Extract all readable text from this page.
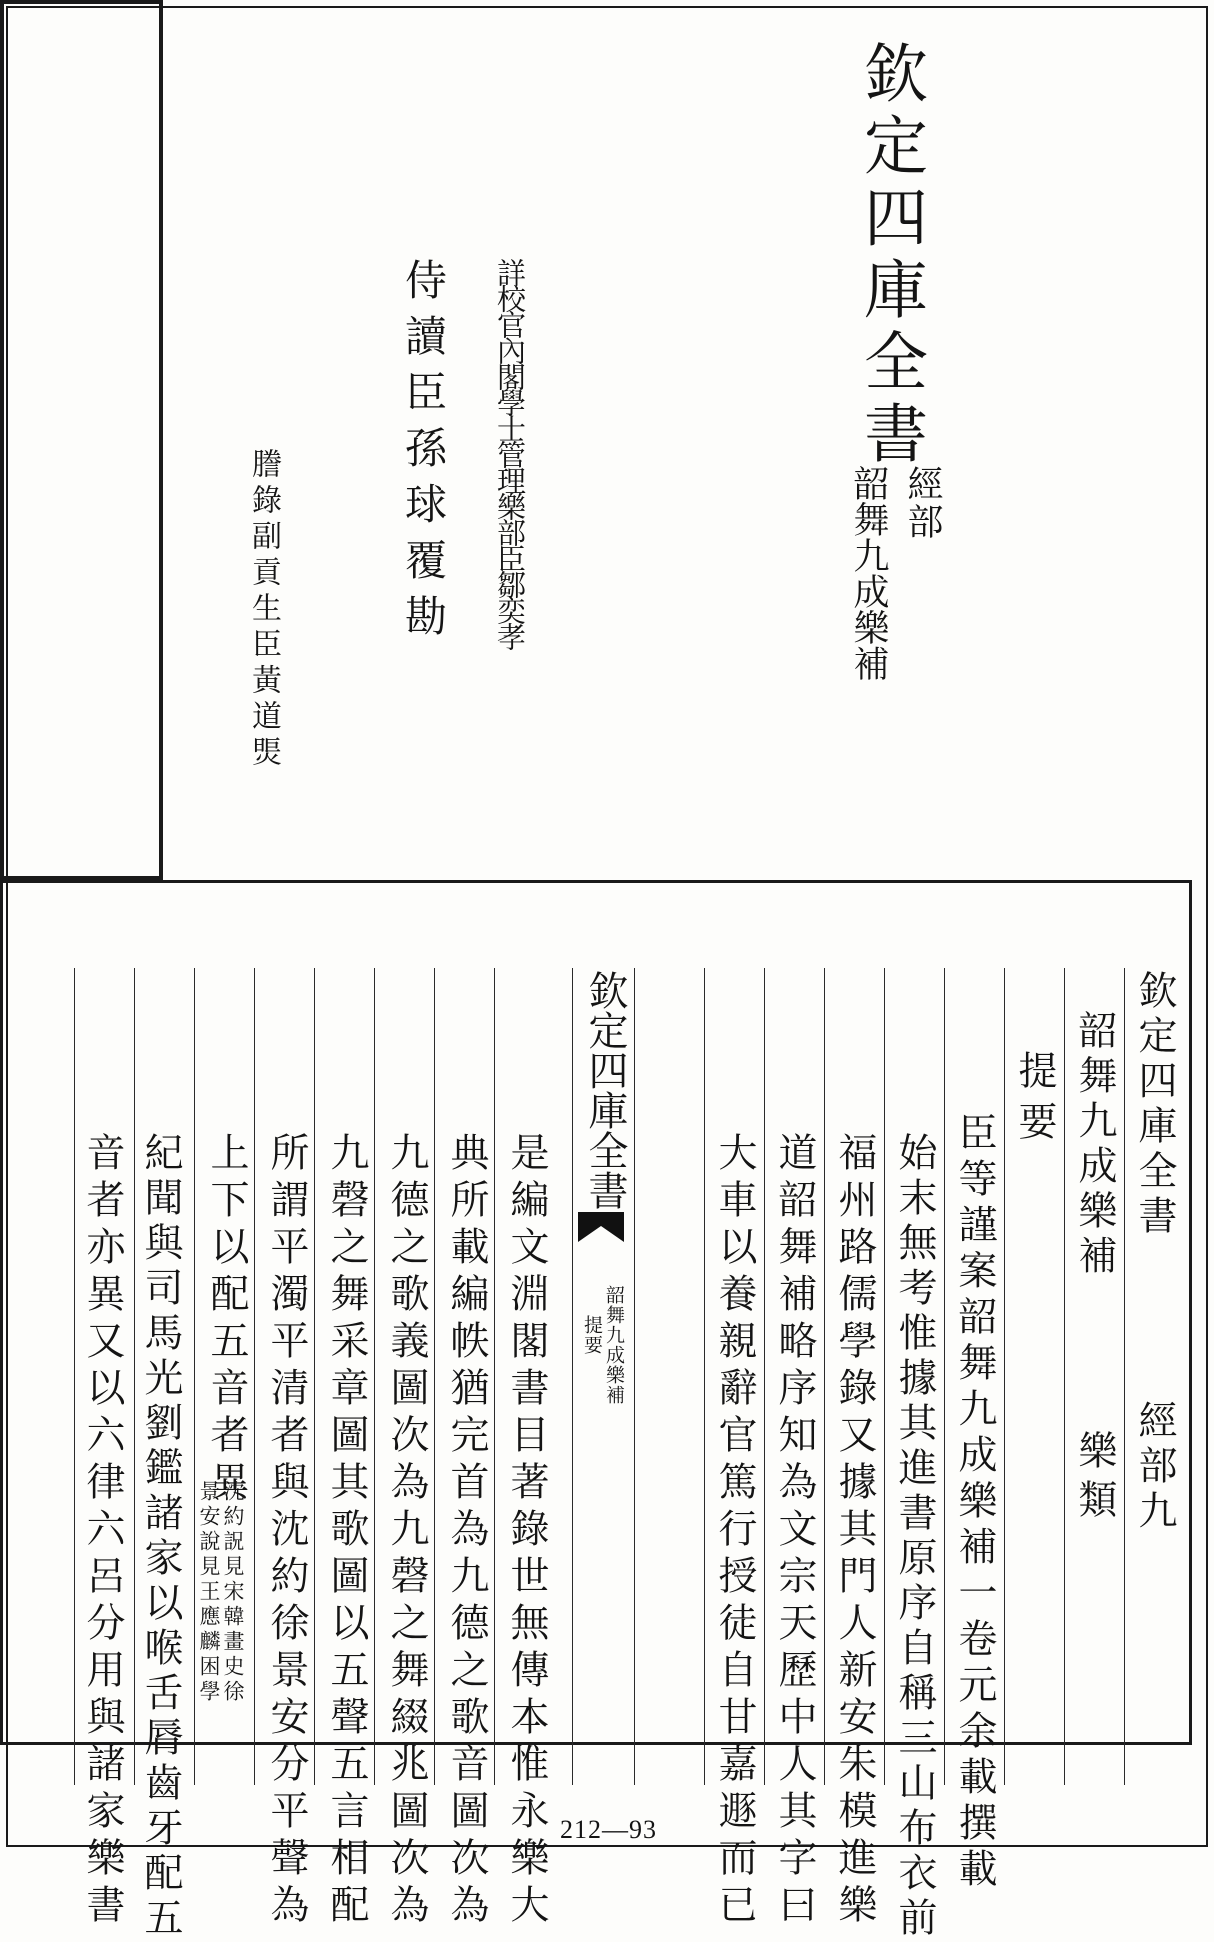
欽定四庫全書
經部
韶舞九成樂補
詳校官內閣學士管理樂部臣鄒奕孝
侍讀臣孫球覆勘
謄錄副貢生臣黃道煚
欽定四庫全書
經部九
韶舞九成樂補
樂類
提要
臣等謹案韶舞九成樂補一卷元余載撰載
始末無考惟據其進書原序自稱三山布衣前
福州路儒學錄又據其門人新安朱模進樂
道韶舞補略序知為文宗天歷中人其字曰
大車以養親辭官篤行授徒自甘嘉遯而已
欽定四庫全書
韶舞九成樂補
提要
是編文淵閣書目著錄世無傳本惟永樂大
典所載編帙猶完首為九德之歌音圖次為
九德之歌義圖次為九磬之舞綴兆圖次為
九磬之舞采章圖其歌圖以五聲五言相配
所謂平濁平清者與沈約徐景安分平聲為
上下以配五音者異
沈約詋見宋韓畫史徐
景安說見王應麟困學
紀聞與司馬光劉鑑諸家以喉舌脣齒牙配五
音者亦異又以六律六呂分用與諸家樂書	212—93
